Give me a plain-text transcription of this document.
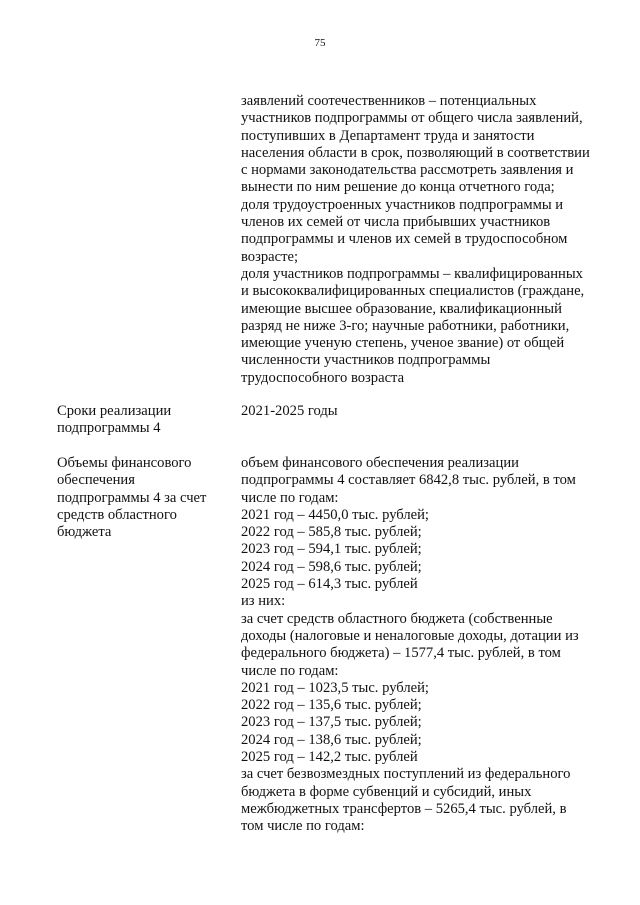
75
заявлений соотечественников – потенциальных
участников подпрограммы от общего числа заявлений,
поступивших в Департамент труда и занятости
населения области в срок, позволяющий в соответствии
с нормами законодательства рассмотреть заявления и
вынести по ним решение до конца отчетного года;
доля трудоустроенных участников подпрограммы и
членов их семей от числа прибывших участников
подпрограммы и членов их семей в трудоспособном
возрасте;
доля участников подпрограммы – квалифицированных
и высококвалифицированных специалистов (граждане,
имеющие высшее образование, квалификационный
разряд не ниже 3-го; научные работники, работники,
имеющие ученую степень, ученое звание) от общей
численности участников подпрограммы
трудоспособного возраста
Сроки реализации
подпрограммы 4
2021-2025 годы
Объемы финансового
обеспечения
подпрограммы 4 за счет
средств областного
бюджета
объем финансового обеспечения реализации
подпрограммы 4 составляет 6842,8 тыс. рублей, в том
числе по годам:
2021 год – 4450,0 тыс. рублей;
2022 год – 585,8 тыс. рублей;
2023 год – 594,1 тыс. рублей;
2024 год – 598,6 тыс. рублей;
2025 год – 614,3 тыс. рублей
из них:
за счет средств областного бюджета (собственные
доходы (налоговые и неналоговые доходы, дотации из
федерального бюджета) – 1577,4 тыс. рублей, в том
числе по годам:
2021 год – 1023,5 тыс. рублей;
2022 год – 135,6 тыс. рублей;
2023 год – 137,5 тыс. рублей;
2024 год – 138,6 тыс. рублей;
2025 год – 142,2 тыс. рублей
за счет безвозмездных поступлений из федерального
бюджета в форме субвенций и субсидий, иных
межбюджетных трансфертов – 5265,4 тыс. рублей, в
том числе по годам:
